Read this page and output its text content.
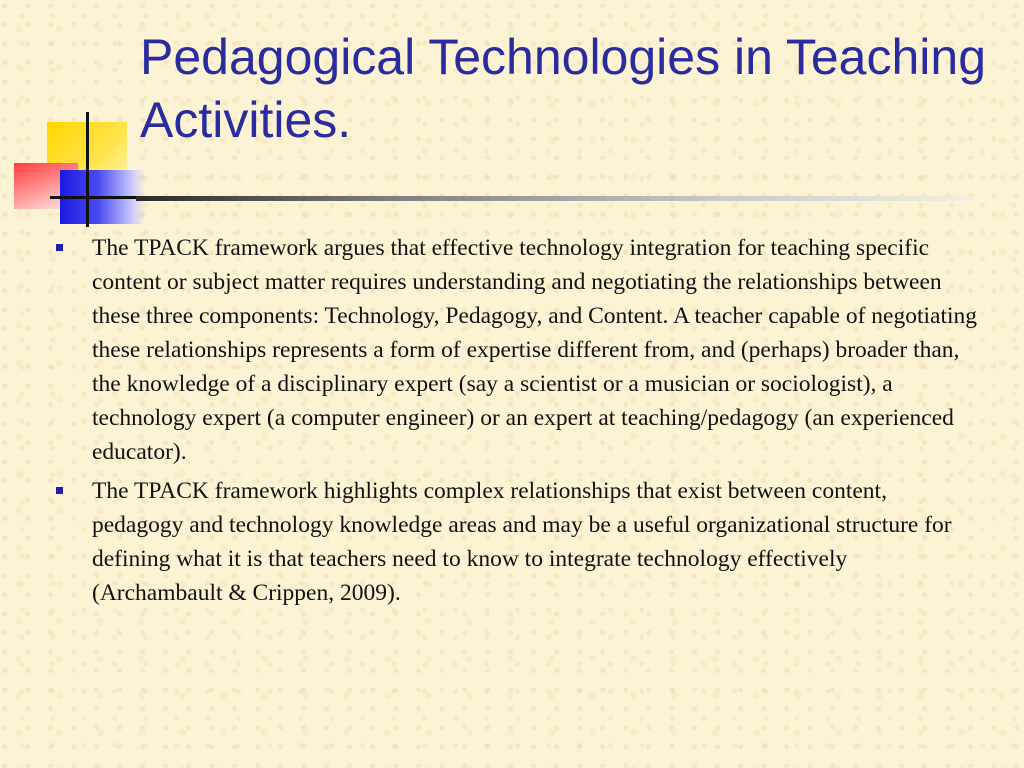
Pedagogical Technologies in Teaching Activities.
The TPACK framework argues that effective technology integration for teaching specific content or subject matter requires understanding and negotiating the relationships between these three components: Technology, Pedagogy, and Content. A teacher capable of negotiating these relationships represents a form of expertise different from, and (perhaps) broader than, the knowledge of a disciplinary expert (say a scientist or a musician or sociologist), a technology expert (a computer engineer) or an expert at teaching/pedagogy (an experienced educator).
The TPACK framework highlights complex relationships that exist between content, pedagogy and technology knowledge areas and may be a useful organizational structure for defining what it is that teachers need to know to integrate technology effectively (Archambault & Crippen, 2009).
